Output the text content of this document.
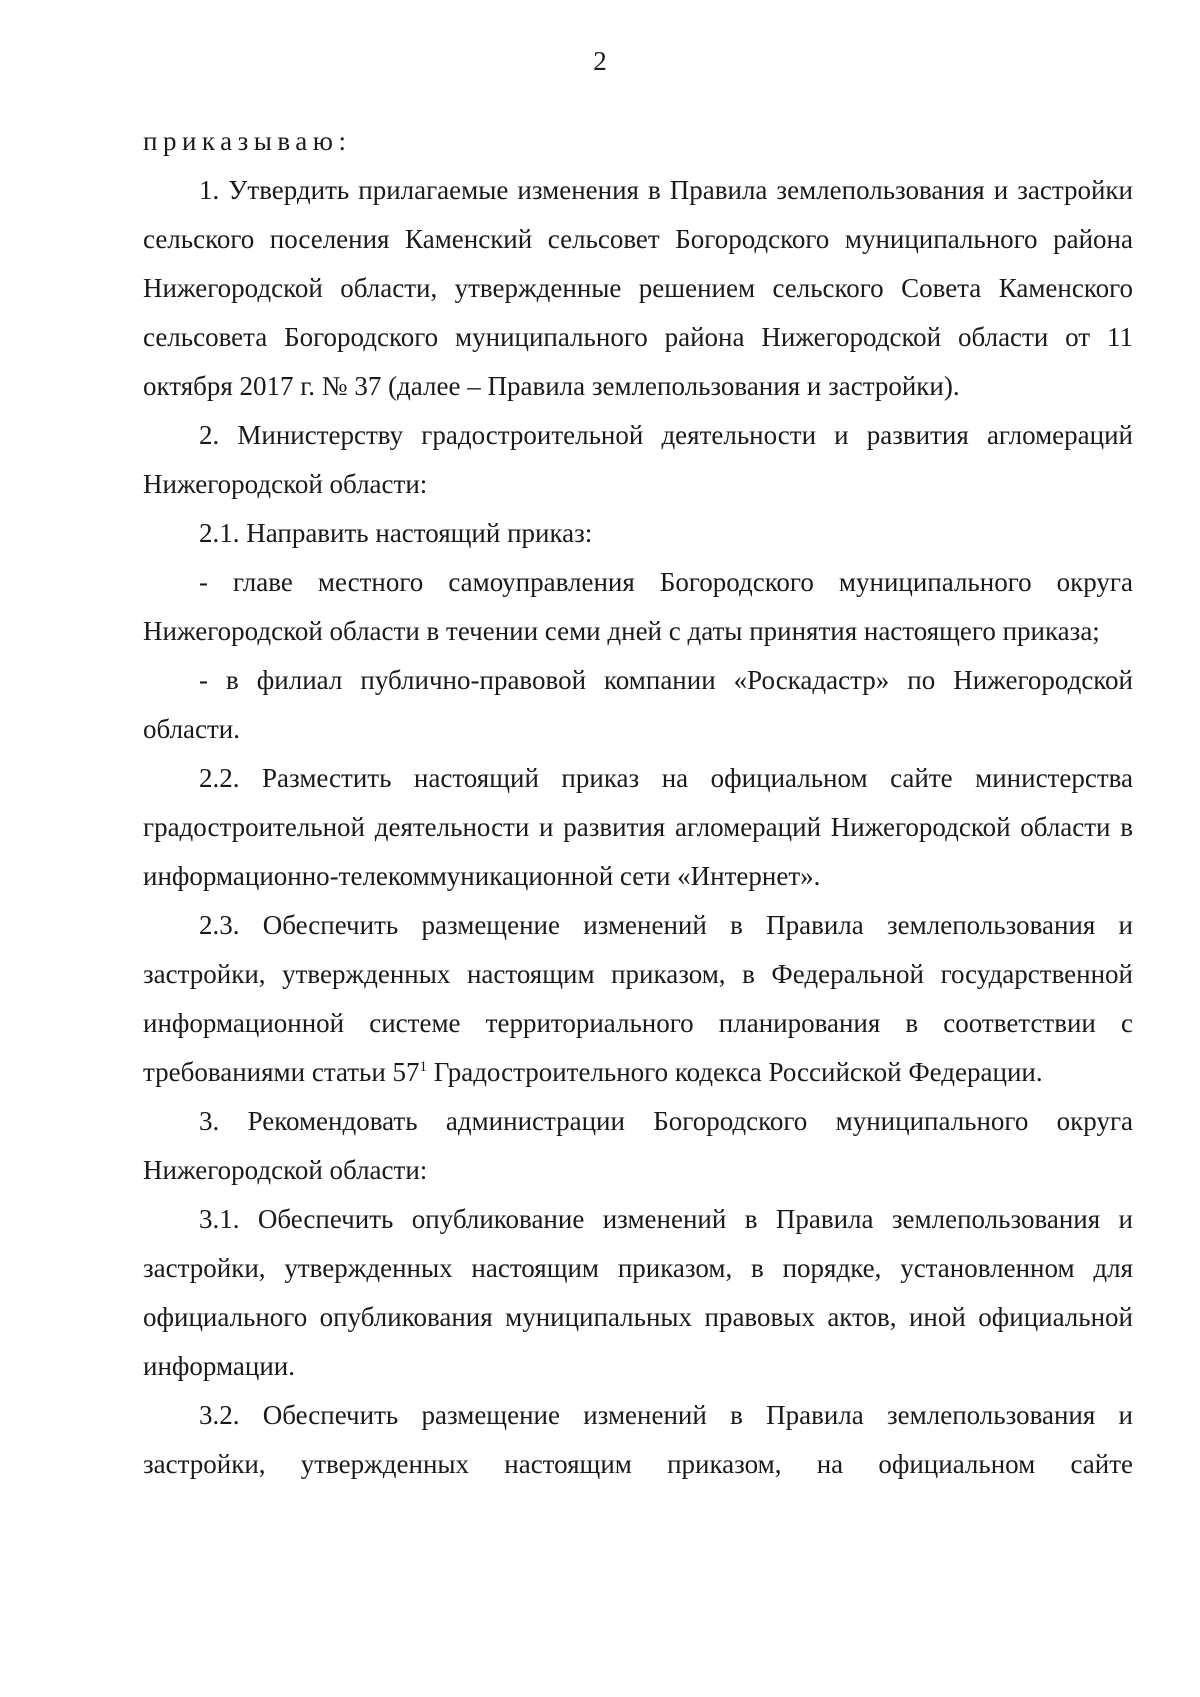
2

приказываю:

1. Утвердить прилагаемые изменения в Правила землепользования и застройки сельского поселения Каменский сельсовет Богородского муниципального района Нижегородской области, утвержденные решением сельского Совета Каменского сельсовета Богородского муниципального района Нижегородской области от 11 октября 2017 г. № 37 (далее – Правила землепользования и застройки).

2. Министерству градостроительной деятельности и развития агломераций Нижегородской области:

2.1. Направить настоящий приказ:

- главе местного самоуправления Богородского муниципального округа Нижегородской области в течении семи дней с даты принятия настоящего приказа;

- в филиал публично-правовой компании «Роскадастр» по Нижегородской области.

2.2. Разместить настоящий приказ на официальном сайте министерства градостроительной деятельности и развития агломераций Нижегородской области в информационно-телекоммуникационной сети «Интернет».

2.3. Обеспечить размещение изменений в Правила землепользования и застройки, утвержденных настоящим приказом, в Федеральной государственной информационной системе территориального планирования в соответствии с требованиями статьи $57^1$ Градостроительного кодекса Российской Федерации.

3. Рекомендовать администрации Богородского муниципального округа Нижегородской области:

3.1. Обеспечить опубликование изменений в Правила землепользования и застройки, утвержденных настоящим приказом, в порядке, установленном для официального опубликования муниципальных правовых актов, иной официальной информации.

3.2. Обеспечить размещение изменений в Правила землепользования и застройки, утвержденных настоящим приказом, на официальном сайте
